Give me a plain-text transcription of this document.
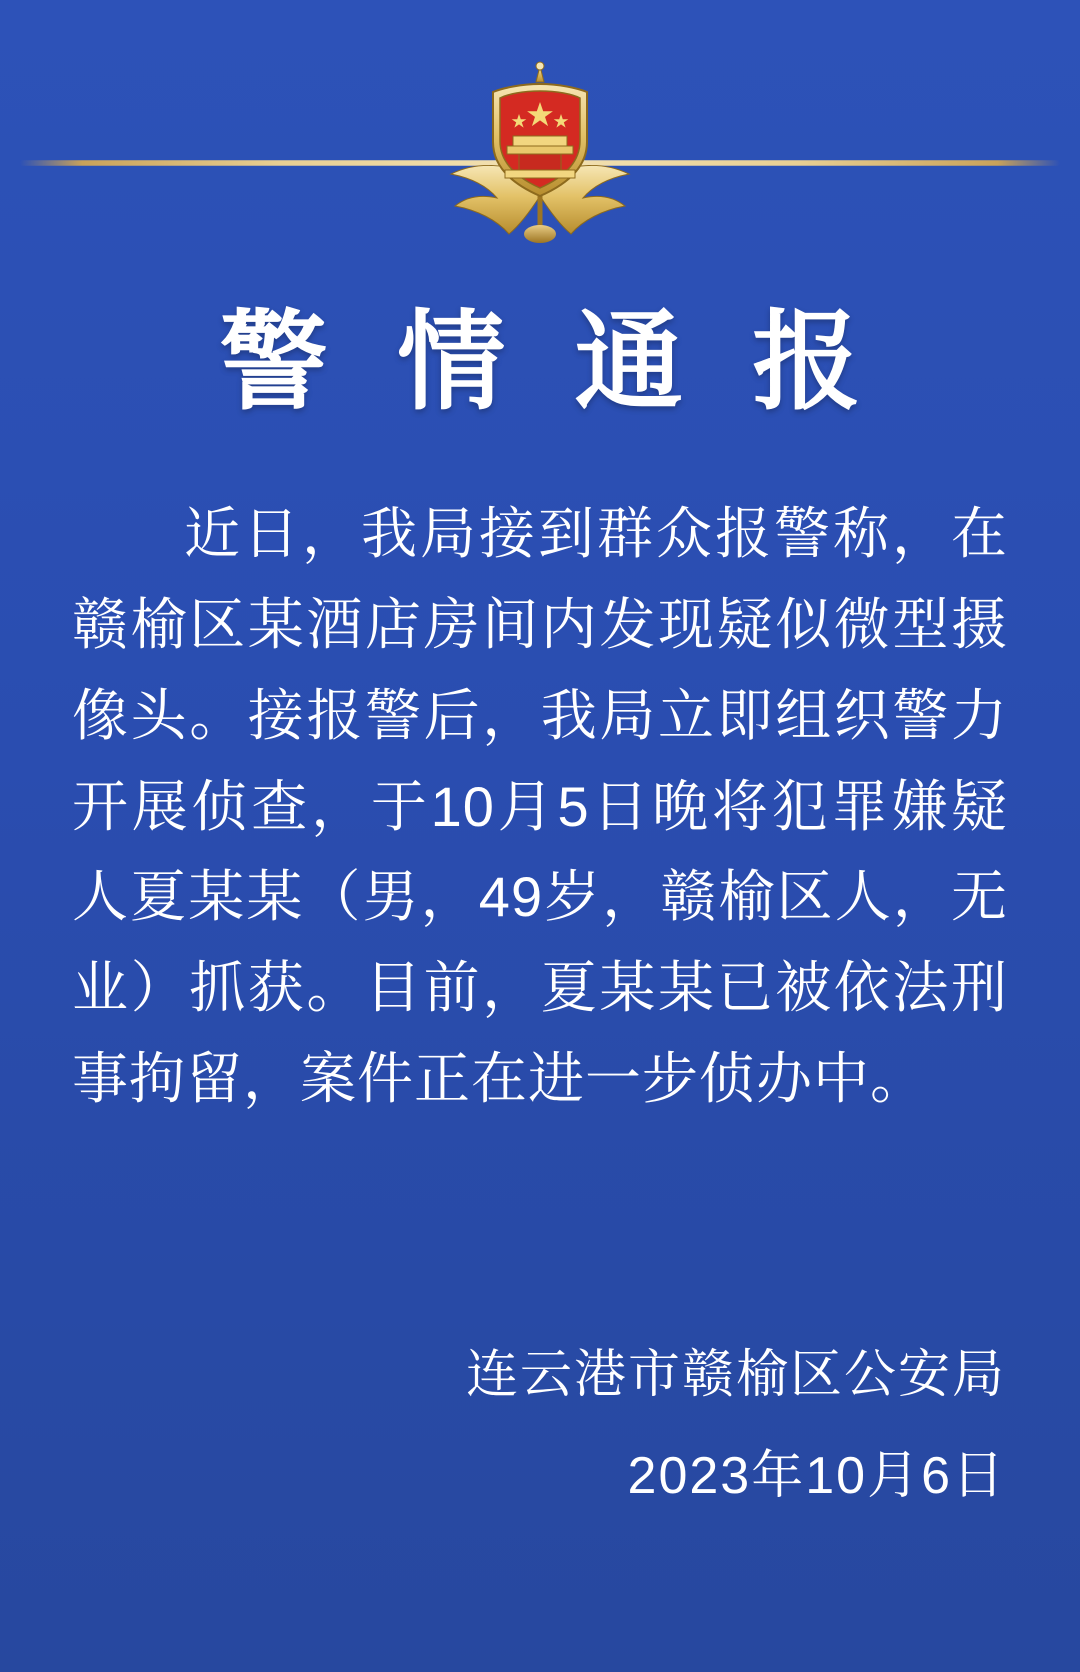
警 情 通 报

近日，我局接到群众报警称，在赣榆区某酒店房间内发现疑似微型摄像头。接报警后，我局立即组织警力开展侦查，于10月5日晚将犯罪嫌疑人夏某某（男，49岁，赣榆区人，无业）抓获。目前，夏某某已被依法刑事拘留，案件正在进一步侦办中。

连云港市赣榆区公安局
2023年10月6日
